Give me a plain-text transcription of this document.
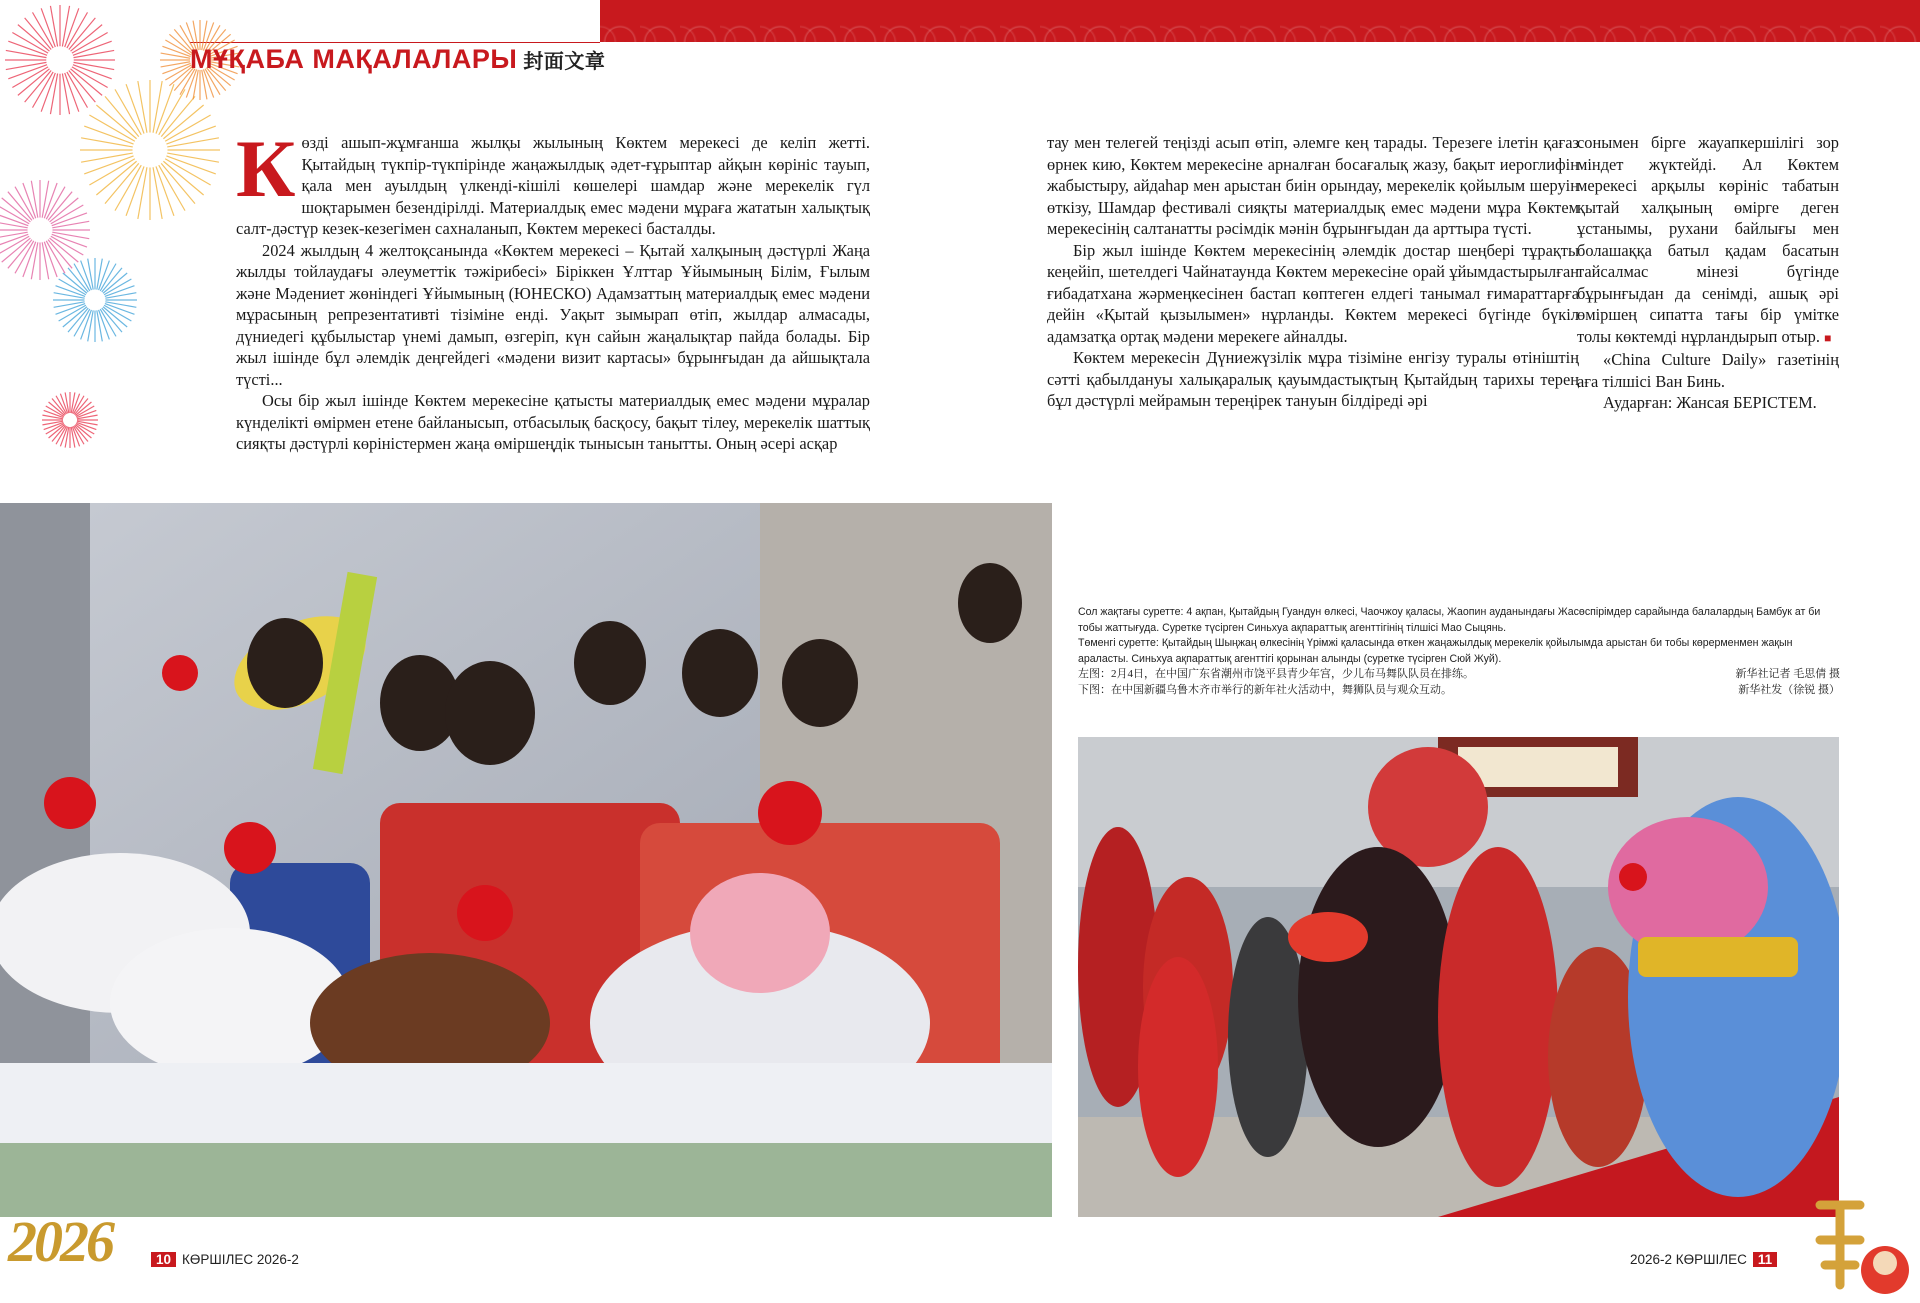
МҰҚАБА МАҚАЛАЛАРЫ 封面文章

Көзді ашып-жұмғанша жылқы жылының Көктем мерекесі де келіп жетті. Қытайдың түкпір-түкпірінде жаңажылдық әдет-ғұрыптар айқын көрініс тауып, қала мен ауылдың үлкенді-кішілі көшелері шамдар және мерекелік гүл шоқтарымен безендірілді. Материалдық емес мәдени мұраға жататын халықтық салт-дәстүр кезек-кезегімен сахналанып, Көктем мерекесі басталды.

2024 жылдың 4 желтоқсанында «Көктем мерекесі – Қытай халқының дәстүрлі Жаңа жылды тойлаудағы әлеуметтік тәжірибесі» Біріккен Ұлттар Ұйымының Білім, Ғылым және Мәдениет жөніндегі Ұйымының (ЮНЕСКО) Адамзаттың материалдық емес мәдени мұрасының репрезентативті тізіміне енді. Уақыт зымырап өтіп, жылдар алмасады, дүниедегі құбылыстар үнемі дамып, өзгеріп, күн сайын жаңалықтар пайда болады. Бір жыл ішінде бұл әлемдік деңгейдегі «мәдени визит картасы» бұрынғыдан да айшықтала түсті...

Осы бір жыл ішінде Көктем мерекесіне қатысты материалдық емес мәдени мұралар күнделікті өмірмен етене байланысып, отбасылық басқосу, бақыт тілеу, мерекелік шаттық сияқты дәстүрлі көріністермен жаңа өміршеңдік тынысын танытты. Оның әсері асқар

тау мен телегей теңізді асып өтіп, әлемге кең тарады. Терезеге ілетін қағаз өрнек кию, Көктем мерекесіне арналған босағалық жазу, бақыт иероглифін жабыстыру, айдаһар мен арыстан биін орындау, мерекелік қойылым шеруін өткізу, Шамдар фестивалі сияқты материалдық емес мәдени мұра Көктем мерекесінің салтанатты рәсімдік мәнін бұрынғыдан да арттыра түсті.

Бір жыл ішінде Көктем мерекесінің әлемдік достар шеңбері тұрақты кеңейіп, шетелдегі Чайнатаунда Көктем мерекесіне орай ұйымдастырылған ғибадатхана жәрмеңкесінен бастап көптеген елдегі танымал ғимараттарға дейін «Қытай қызылымен» нұрланды. Көктем мерекесі бүгінде бүкіл адамзатқа ортақ мәдени мерекеге айналды.

Көктем мерекесін Дүниежүзілік мұра тізіміне енгізу туралы өтініштің сәтті қабылдануы халықаралық қауымдастықтың Қытайдың тарихы терең бұл дәстүрлі мейрамын тереңірек тануын білдіреді әрі

сонымен бірге жауапкершілігі зор міндет жүктейді. Ал Көктем мерекесі арқылы көрініс табатын қытай халқының өмірге деген ұстанымы, рухани байлығы мен болашаққа батыл қадам басатын тайсалмас мінезі бүгінде бұрынғыдан да сенімді, ашық әрі өміршең сипатта тағы бір үмітке толы көктемді нұрландырып отыр. ■

«China Culture Daily» газетінің аға тілшісі Ван Бинь.

Аударған: Жансая БЕРІСТЕМ.

Сол жақтағы суретте: 4 ақпан, Қытайдың Гуандун өлкесі, Чаочжоу қаласы, Жаопин ауданындағы Жасөспірімдер сарайында балалардың Бамбук ат би тобы жаттығуда. Суретке түсірген Синьхуа ақпараттық агенттігінің тілшісі Мао Сыцянь.

Төменгі суретте: Қытайдың Шыңжаң өлкесінің Үрімжі қаласында өткен жаңажылдық мерекелік қойылымда арыстан би тобы көрерменмен жақын араласты. Синьхуа ақпараттық агенттігі қорынан алынды (суретке түсірген Сюй Жуй).

左图：2月4日，在中国广东省潮州市饶平县青少年宫，少儿布马舞队队员在排练。	新华社记者 毛思倩 摄
下图：在中国新疆乌鲁木齐市举行的新年社火活动中，舞狮队员与观众互动。	新华社发（徐锐 摄）
2026	10 КӨРШІЛЕС 2026-2	2026-2 КӨРШІЛЕС 11
